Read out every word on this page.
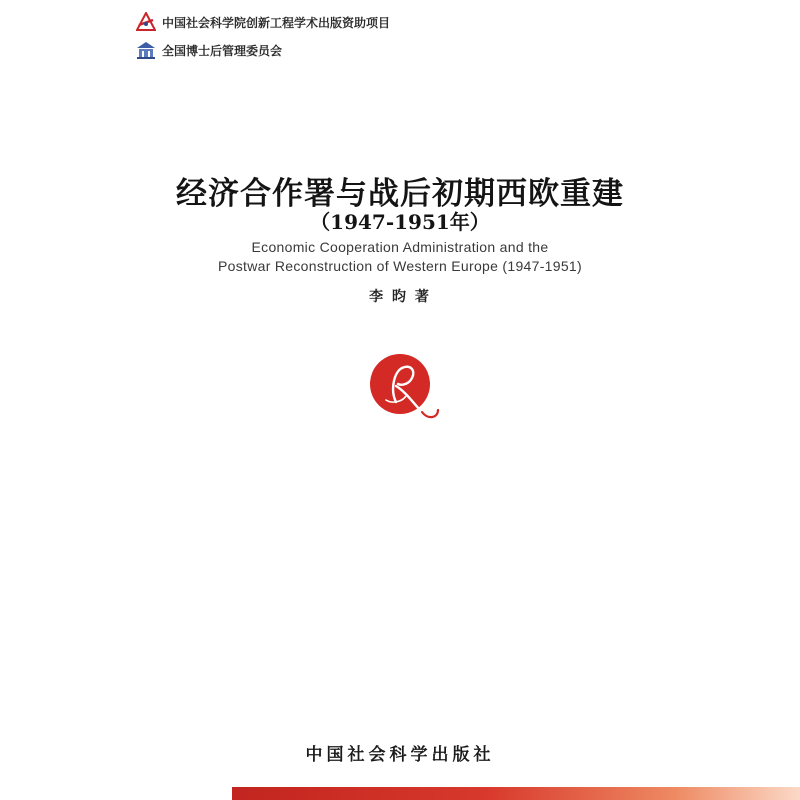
中国社会科学院创新工程学术出版资助项目
全国博士后管理委员会
经济合作署与战后初期西欧重建
（1947-1951年）
Economic Cooperation Administration and the
Postwar Reconstruction of Western Europe (1947-1951)
李 昀 著
中国社会科学出版社
